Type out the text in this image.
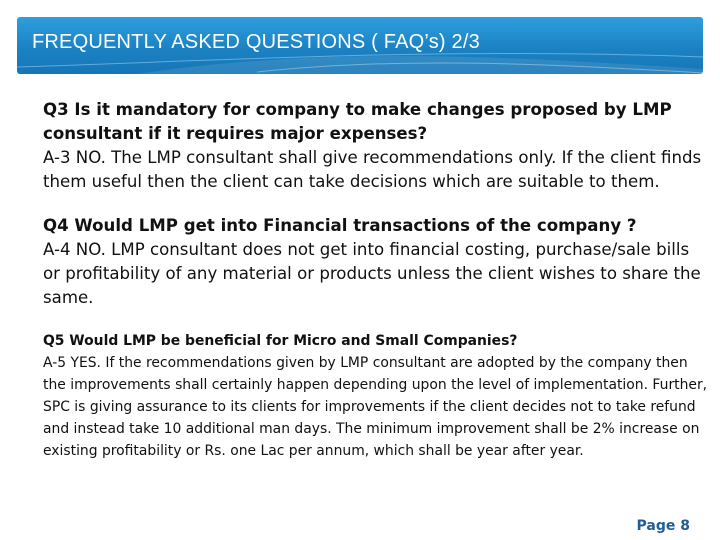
FREQUENTLY ASKED QUESTIONS ( FAQ’s) 2/3
Q3 Is it mandatory for company to make changes proposed by LMP consultant if it requires major expenses?
A-3 NO. The LMP consultant shall give recommendations only. If the client finds them useful then the client can take decisions which are suitable to them.
Q4 Would LMP get into Financial transactions of the company ?
A-4 NO. LMP consultant does not get into financial costing, purchase/sale bills or profitability of any material or products unless the client wishes to share the same.
Q5 Would LMP be beneficial for Micro and Small Companies?
A-5 YES. If the recommendations given by LMP consultant are adopted by the company then the improvements shall certainly happen depending upon the level of implementation. Further, SPC is giving assurance to its clients for improvements if the client decides not to take refund and instead take 10 additional man days. The minimum improvement shall be 2% increase on existing profitability or Rs. one Lac per annum, which shall be year after year.
Page 8
